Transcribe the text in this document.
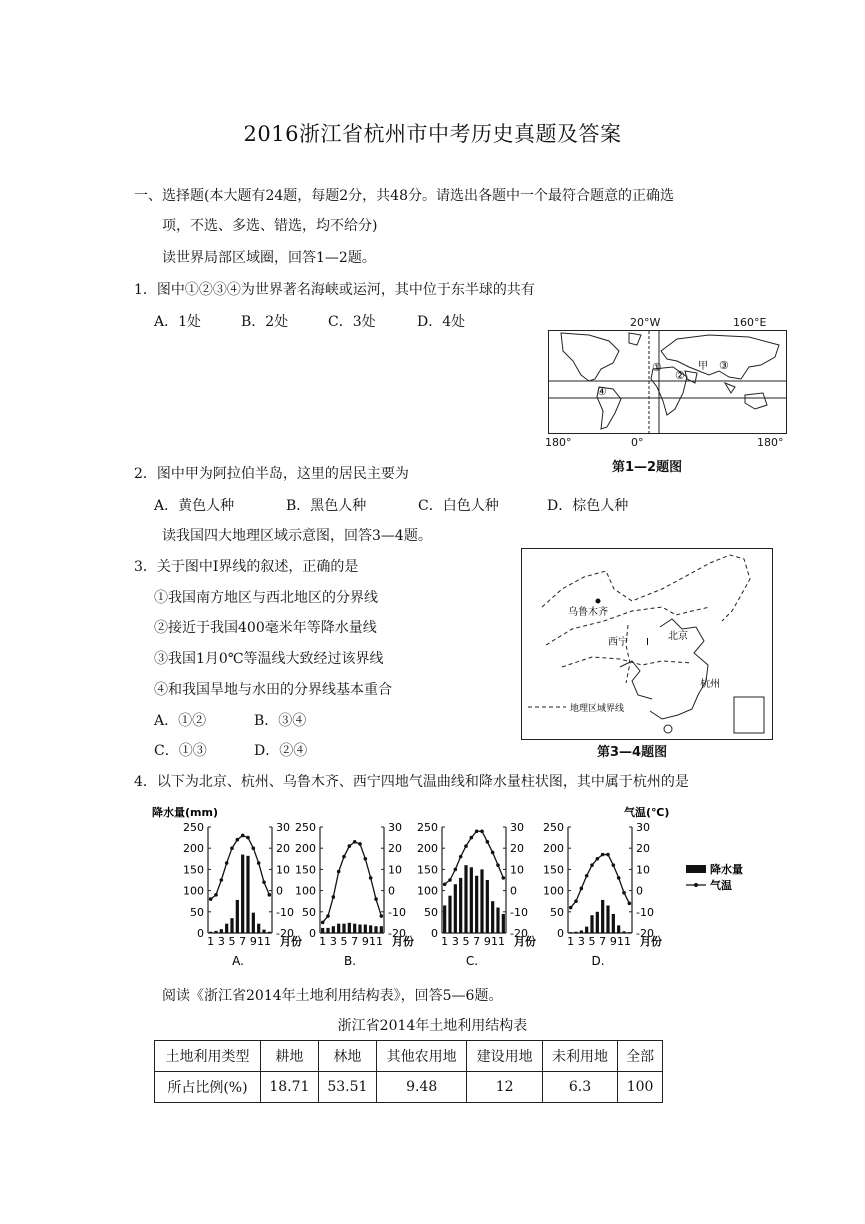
2016浙江省杭州市中考历史真题及答案
一、选择题(本大题有24题，每题2分，共48分。请选出各题中一个最符合题意的正确选
项，不选、多选、错选，均不给分)
读世界局部区域圈，回答1—2题。
1．图中①②③④为世界著名海峡或运河，其中位于东半球的共有
A．1处	B．2处	C．3处	D．4处	20°W	160°E
①
②
③
④
甲
180°	0°	180°
第1—2题图
2．图中甲为阿拉伯半岛，这里的居民主要为
A．黄色人种	B．黑色人种	C．白色人种	D．棕色人种
读我国四大地理区域示意图，回答3—4题。
3．关于图中Ⅰ界线的叙述，正确的是
①我国南方地区与西北地区的分界线
②接近于我国400毫米年等降水量线
③我国1月0℃等温线大致经过该界线
④和我国旱地与水田的分界线基本重合
A．①②	B．③④
C．①③	D．②④
乌鲁木齐
西宁
北京
杭州
Ⅰ
地理区域界线
第3—4题图
4．以下为北京、杭州、乌鲁木齐、西宁四地气温曲线和降水量柱状图，其中属于杭州的是
降水量(mm)	气温(℃)
250
200
150
100
50
0
30
20
10
0
-10
-20
1 3 5 7 9 11 月份
A.
250
200
150
100
50
0
30
20
10
0
-10
-20
1 3 5 7 9 11 月份
B.
250
200
150
100
50
0
30
20
10
0
-10
-20
1 3 5 7 9 11 月份
C.
250
200
150
100
50
0
30
20
10
0
-10
-20
1 3 5 7 9 11 月份
D.
降水量
气温
阅读《浙江省2014年土地利用结构表》，回答5—6题。
浙江省2014年土地利用结构表
土地利用类型	耕地	林地	其他农用地	建设用地	未利用地	全部
所占比例(%)	18.71	53.51	9.48	12	6.3	100
